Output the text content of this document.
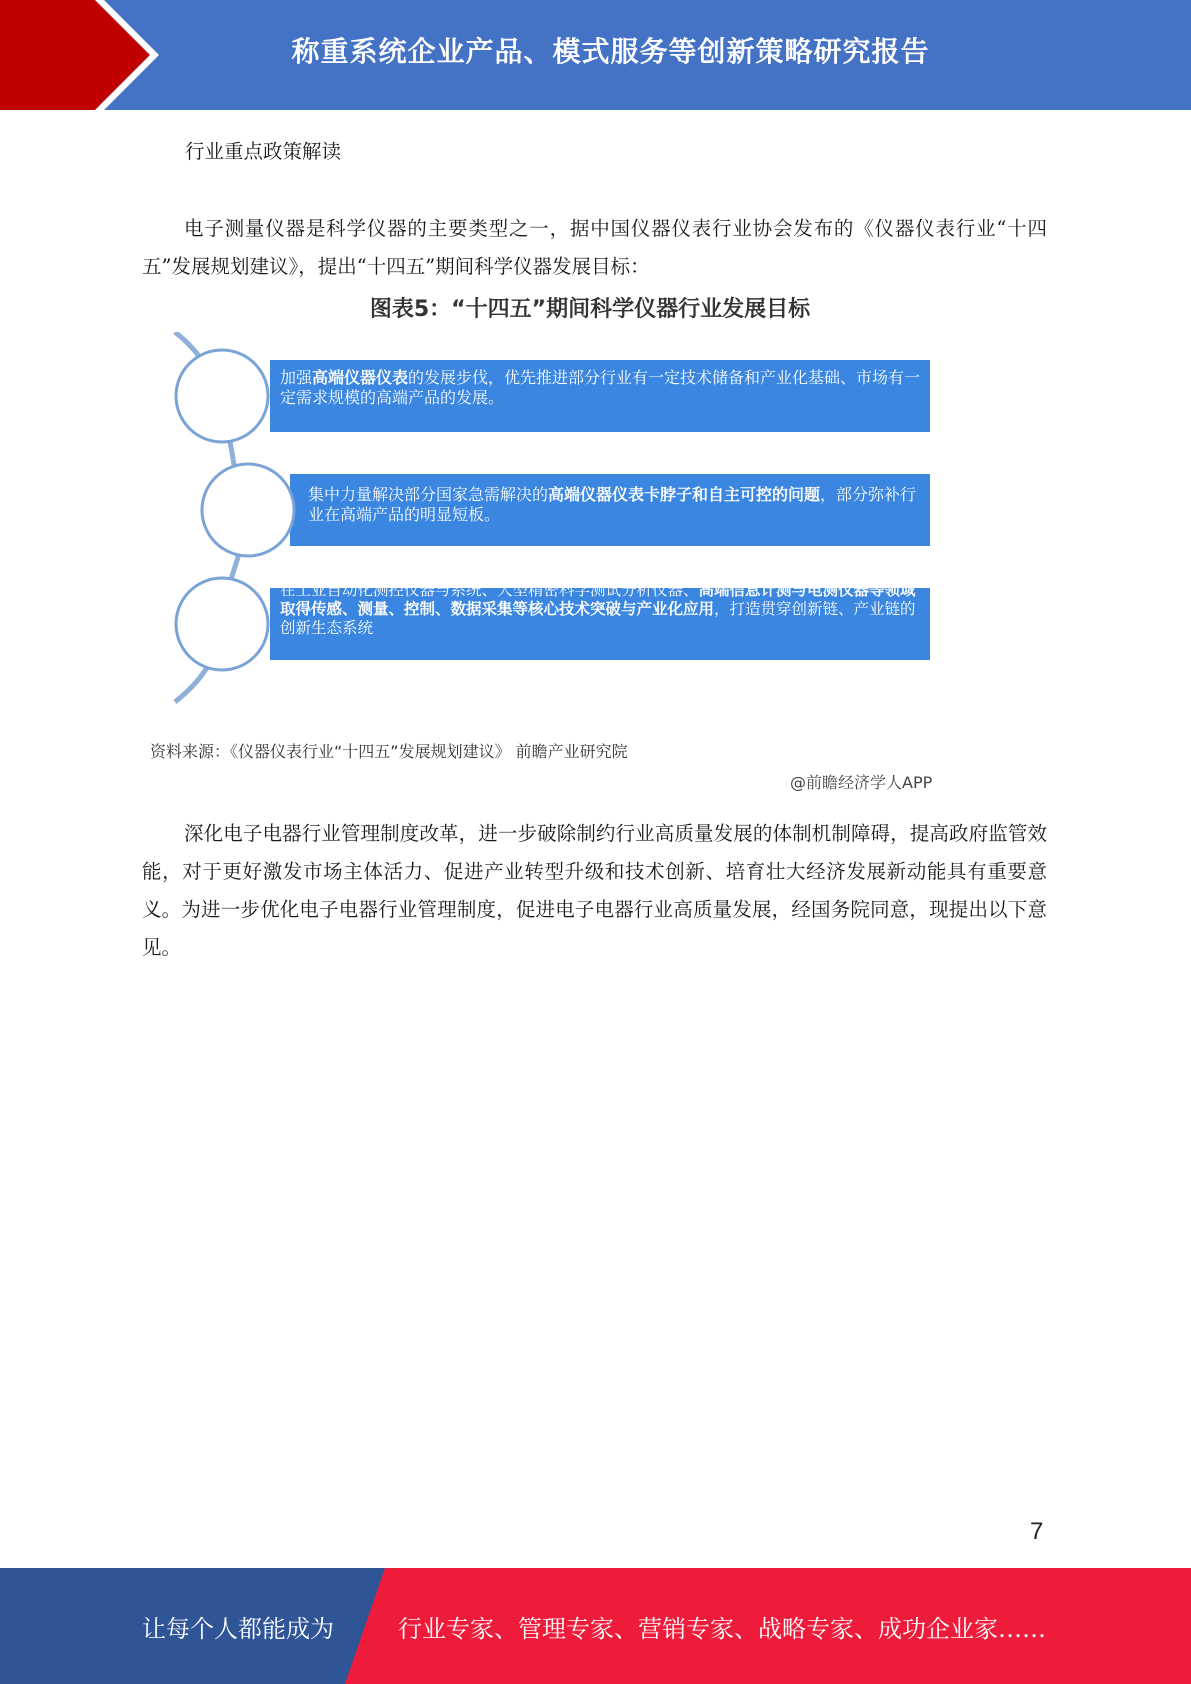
称重系统企业产品、模式服务等创新策略研究报告
行业重点政策解读
电子测量仪器是科学仪器的主要类型之一，据中国仪器仪表行业协会发布的《仪器仪表行业“十四五”发展规划建议》，提出“十四五”期间科学仪器发展目标：
图表5：“十四五”期间科学仪器行业发展目标
加强高端仪器仪表的发展步伐，优先推进部分行业有一定技术储备和产业化基础、市场有一定需求规模的高端产品的发展。
集中力量解决部分国家急需解决的高端仪器仪表卡脖子和自主可控的问题，部分弥补行业在高端产品的明显短板。
在工业自动化测控仪器与系统、大型精密科学测试分析仪器、高端信息计测与电测仪器等领域取得传感、测量、控制、数据采集等核心技术突破与产业化应用，打造贯穿创新链、产业链的创新生态系统
资料来源：《仪器仪表行业“十四五”发展规划建议》 前瞻产业研究院
@前瞻经济学人APP
深化电子电器行业管理制度改革，进一步破除制约行业高质量发展的体制机制障碍，提高政府监管效能，对于更好激发市场主体活力、促进产业转型升级和技术创新、培育壮大经济发展新动能具有重要意义。为进一步优化电子电器行业管理制度，促进电子电器行业高质量发展，经国务院同意，现提出以下意见。
7
让每个人都能成为	行业专家、管理专家、营销专家、战略专家、成功企业家……
